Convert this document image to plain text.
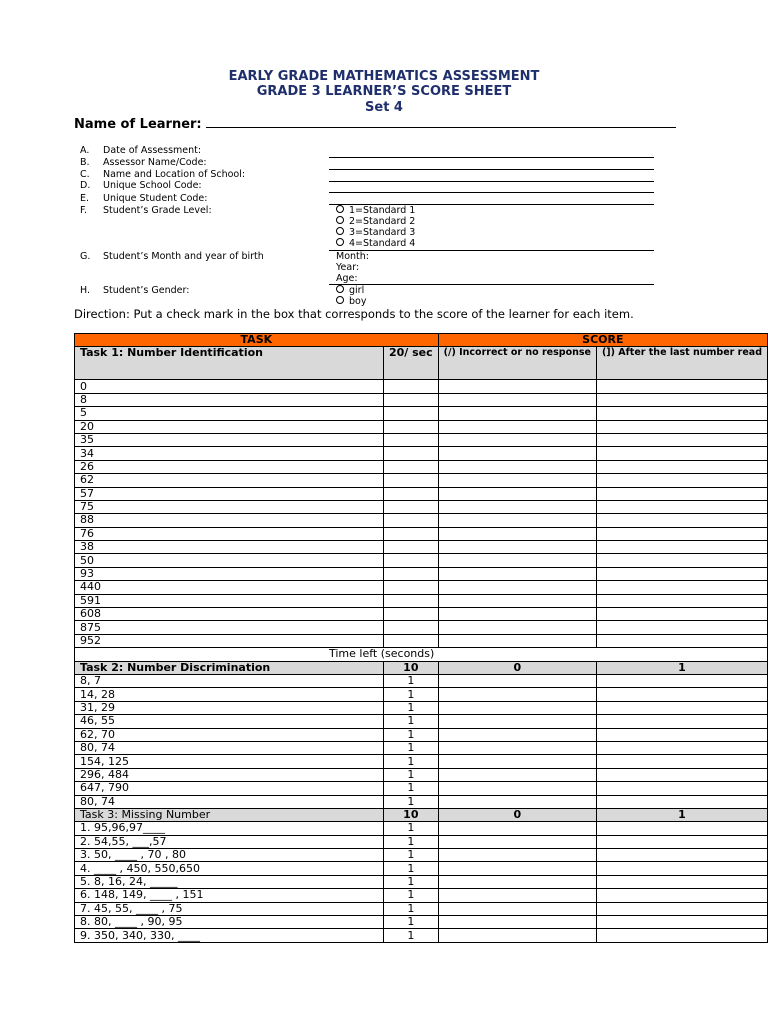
EARLY GRADE MATHEMATICS ASSESSMENT
GRADE 3 LEARNER’S SCORE SHEET
Set 4
Name of Learner:
A. Date of Assessment:
B. Assessor Name/Code:
C. Name and Location of School:
D. Unique School Code:
E. Unique Student Code:
F. Student’s Grade Level:
G. Student’s Month and year of birth
H. Student’s Gender:
1=Standard 1
2=Standard 2
3=Standard 3
4=Standard 4
Month:
Year:
Age:
girl
boy
Direction: Put a check mark in the box that corresponds to the score of the learner for each item.
TASK		SCORE	
Task 1: Number Identification	20/ sec	(/) Incorrect or no response	(]) After the last number read
0			
8			
5			
20			
35			
34			
26			
62			
57			
75			
88			
76			
38			
50			
93			
440			
591			
608			
875			
952			
Time left (seconds)			
Task 2: Number Discrimination	10	0	1
8, 7	1		
14, 28	1		
31, 29	1		
46, 55	1		
62, 70	1		
80, 74	1		
154, 125	1		
296, 484	1		
647, 790	1		
80, 74	1		
Task 3: Missing Number	10	0	1
1. 95,96,97____	1		
2. 54,55, ___,57	1		
3. 50, ____ , 70 , 80	1		
4. ____ , 450, 550,650	1		
5. 8, 16, 24, _____	1		
6. 148, 149, ____ , 151	1		
7. 45, 55, ____ , 75	1		
8. 80, ____ , 90, 95	1		
9. 350, 340, 330, ____	1		
